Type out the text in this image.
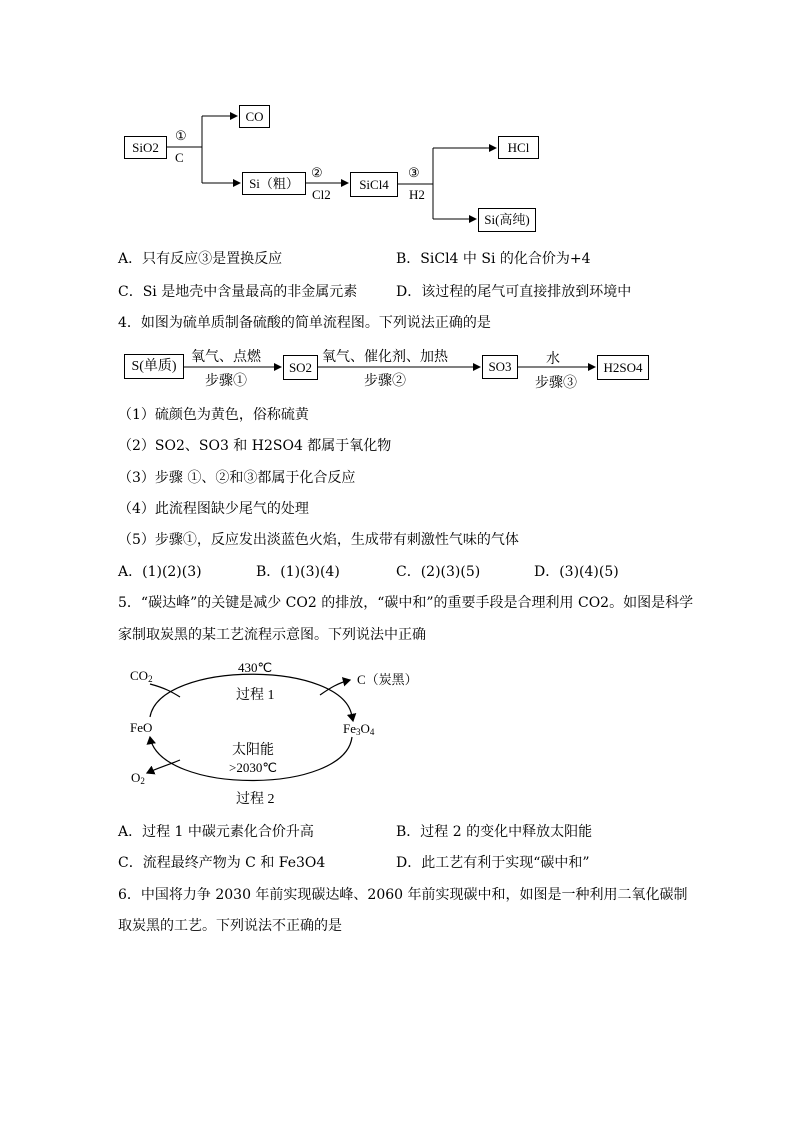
SiO2
①
C
CO
Si（粗）
②
Cl2
SiCl4
③
H2
HCl
Si(高纯)
A．只有反应③是置换反应	B．SiCl4 中 Si 的化合价为+4
C．Si 是地壳中含量最高的非金属元素	D．该过程的尾气可直接排放到环境中
4．如图为硫单质制备硫酸的简单流程图。下列说法正确的是
S(单质)
氧气、点燃
步骤①
SO2
氧气、催化剂、加热
步骤②
SO3	水
步骤③
H2SO4
（1）硫颜色为黄色，俗称硫黄
（2）SO2、SO3 和 H2SO4 都属于氧化物
（3）步骤 ①、②和③都属于化合反应
（4）此流程图缺少尾气的处理
（5）步骤①，反应发出淡蓝色火焰，生成带有刺激性气味的气体
A．(1)(2)(3)	B．(1)(3)(4)	C．(2)(3)(5)	D．(3)(4)(5)
5．“碳达峰”的关键是减少 CO2 的排放，“碳中和”的重要手段是合理利用 CO2。如图是科学
家制取炭黑的某工艺流程示意图。下列说法中正确
$CO_2$
430℃
过程 1
C（炭黑）
FeO	$Fe_3O_4$
太阳能
>2030℃
$O_2$
过程 2
A．过程 1 中碳元素化合价升高	B．过程 2 的变化中释放太阳能
C．流程最终产物为 C 和 Fe3O4	D．此工艺有利于实现“碳中和”
6．中国将力争 2030 年前实现碳达峰、2060 年前实现碳中和，如图是一种利用二氧化碳制
取炭黑的工艺。下列说法不正确的是
